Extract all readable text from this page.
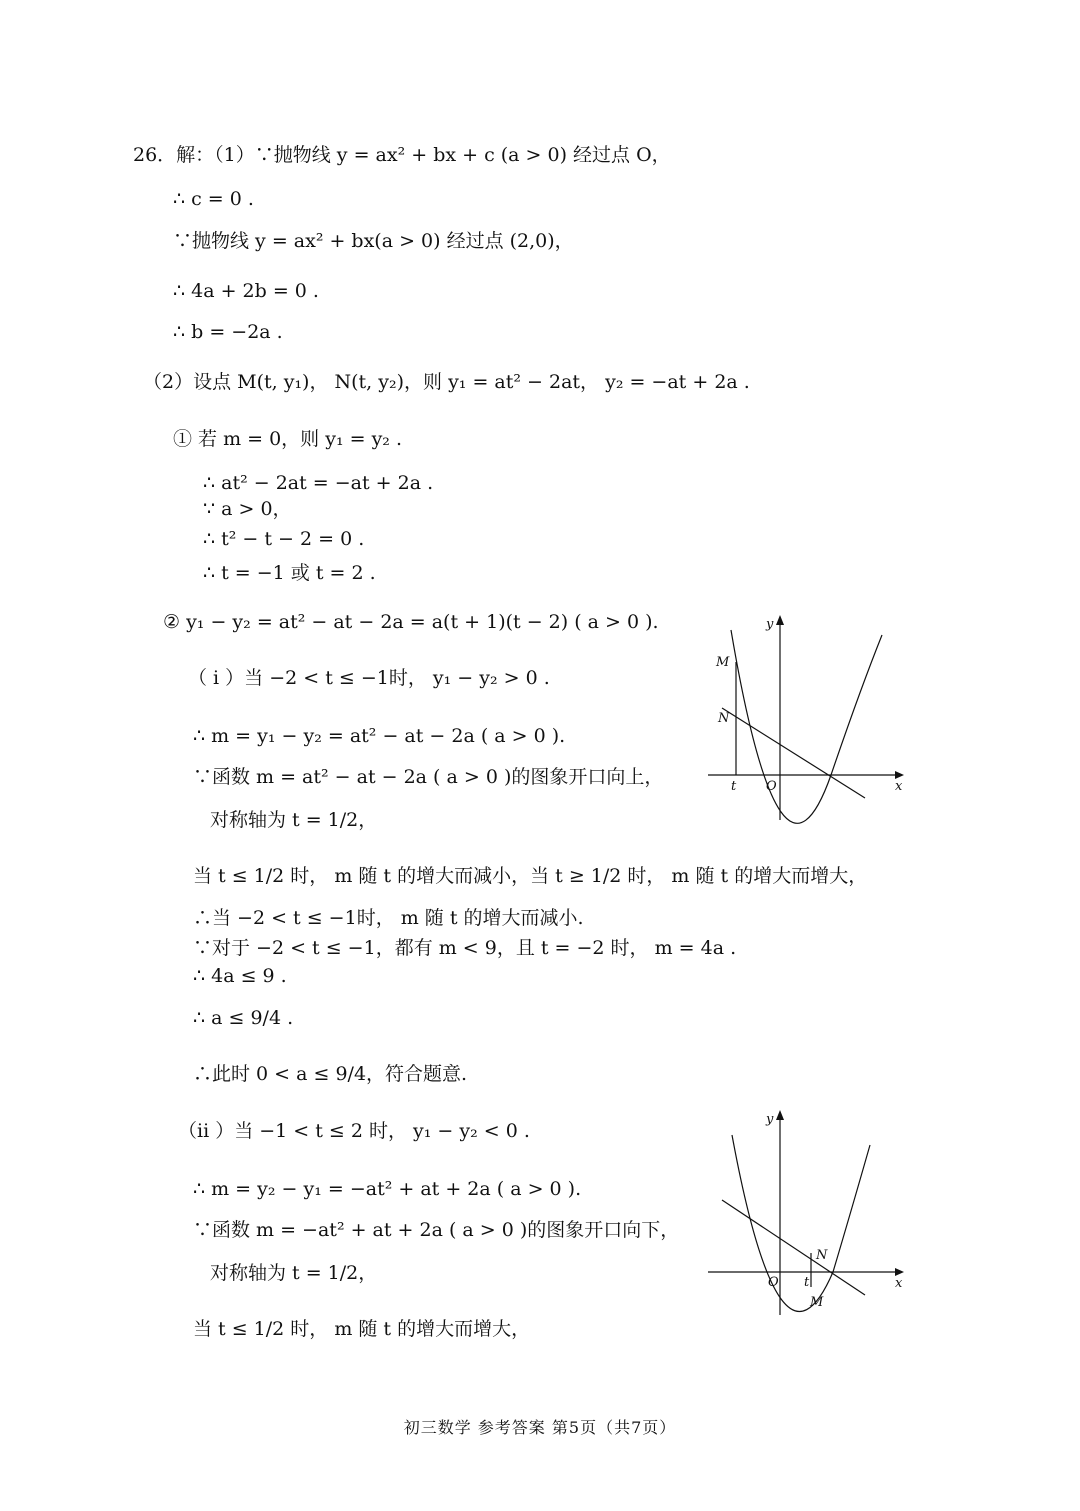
26．解：（1）∵抛物线 y = ax² + bx + c (a > 0) 经过点 O，
∴ c = 0 .
∵抛物线 y = ax² + bx(a > 0) 经过点 (2,0)，
∴ 4a + 2b = 0 .
∴ b = −2a .
（2）设点 M(t, y₁)， N(t, y₂)，则 y₁ = at² − 2at， y₂ = −at + 2a .
① 若 m = 0，则 y₁ = y₂ .
∴ at² − 2at = −at + 2a .
∵ a > 0，
∴ t² − t − 2 = 0 .
∴ t = −1 或 t = 2 .
② y₁ − y₂ = at² − at − 2a = a(t + 1)(t − 2) ( a > 0 ).
（ i ）当 −2 < t ≤ −1时， y₁ − y₂ > 0 .
∴ m = y₁ − y₂ = at² − at − 2a ( a > 0 ).
∵函数 m = at² − at − 2a ( a > 0 )的图象开口向上，
对称轴为 t = 1/2，
当 t ≤ 1/2 时， m 随 t 的增大而减小，当 t ≥ 1/2 时， m 随 t 的增大而增大，
∴当 −2 < t ≤ −1时， m 随 t 的增大而减小.
∵对于 −2 < t ≤ −1，都有 m < 9，且 t = −2 时， m = 4a .
∴ 4a ≤ 9 .
∴ a ≤ 9/4 .
∴此时 0 < a ≤ 9/4，符合题意.
（ii ）当 −1 < t ≤ 2 时， y₁ − y₂ < 0 .
∴ m = y₂ − y₁ = −at² + at + 2a ( a > 0 ).
∵函数 m = −at² + at + 2a ( a > 0 )的图象开口向下，
对称轴为 t = 1/2，
当 t ≤ 1/2 时， m 随 t 的增大而增大，
y
M
N
t O	x
y
N
O t
M
x
初三数学 参考答案 第5页（共7页）
